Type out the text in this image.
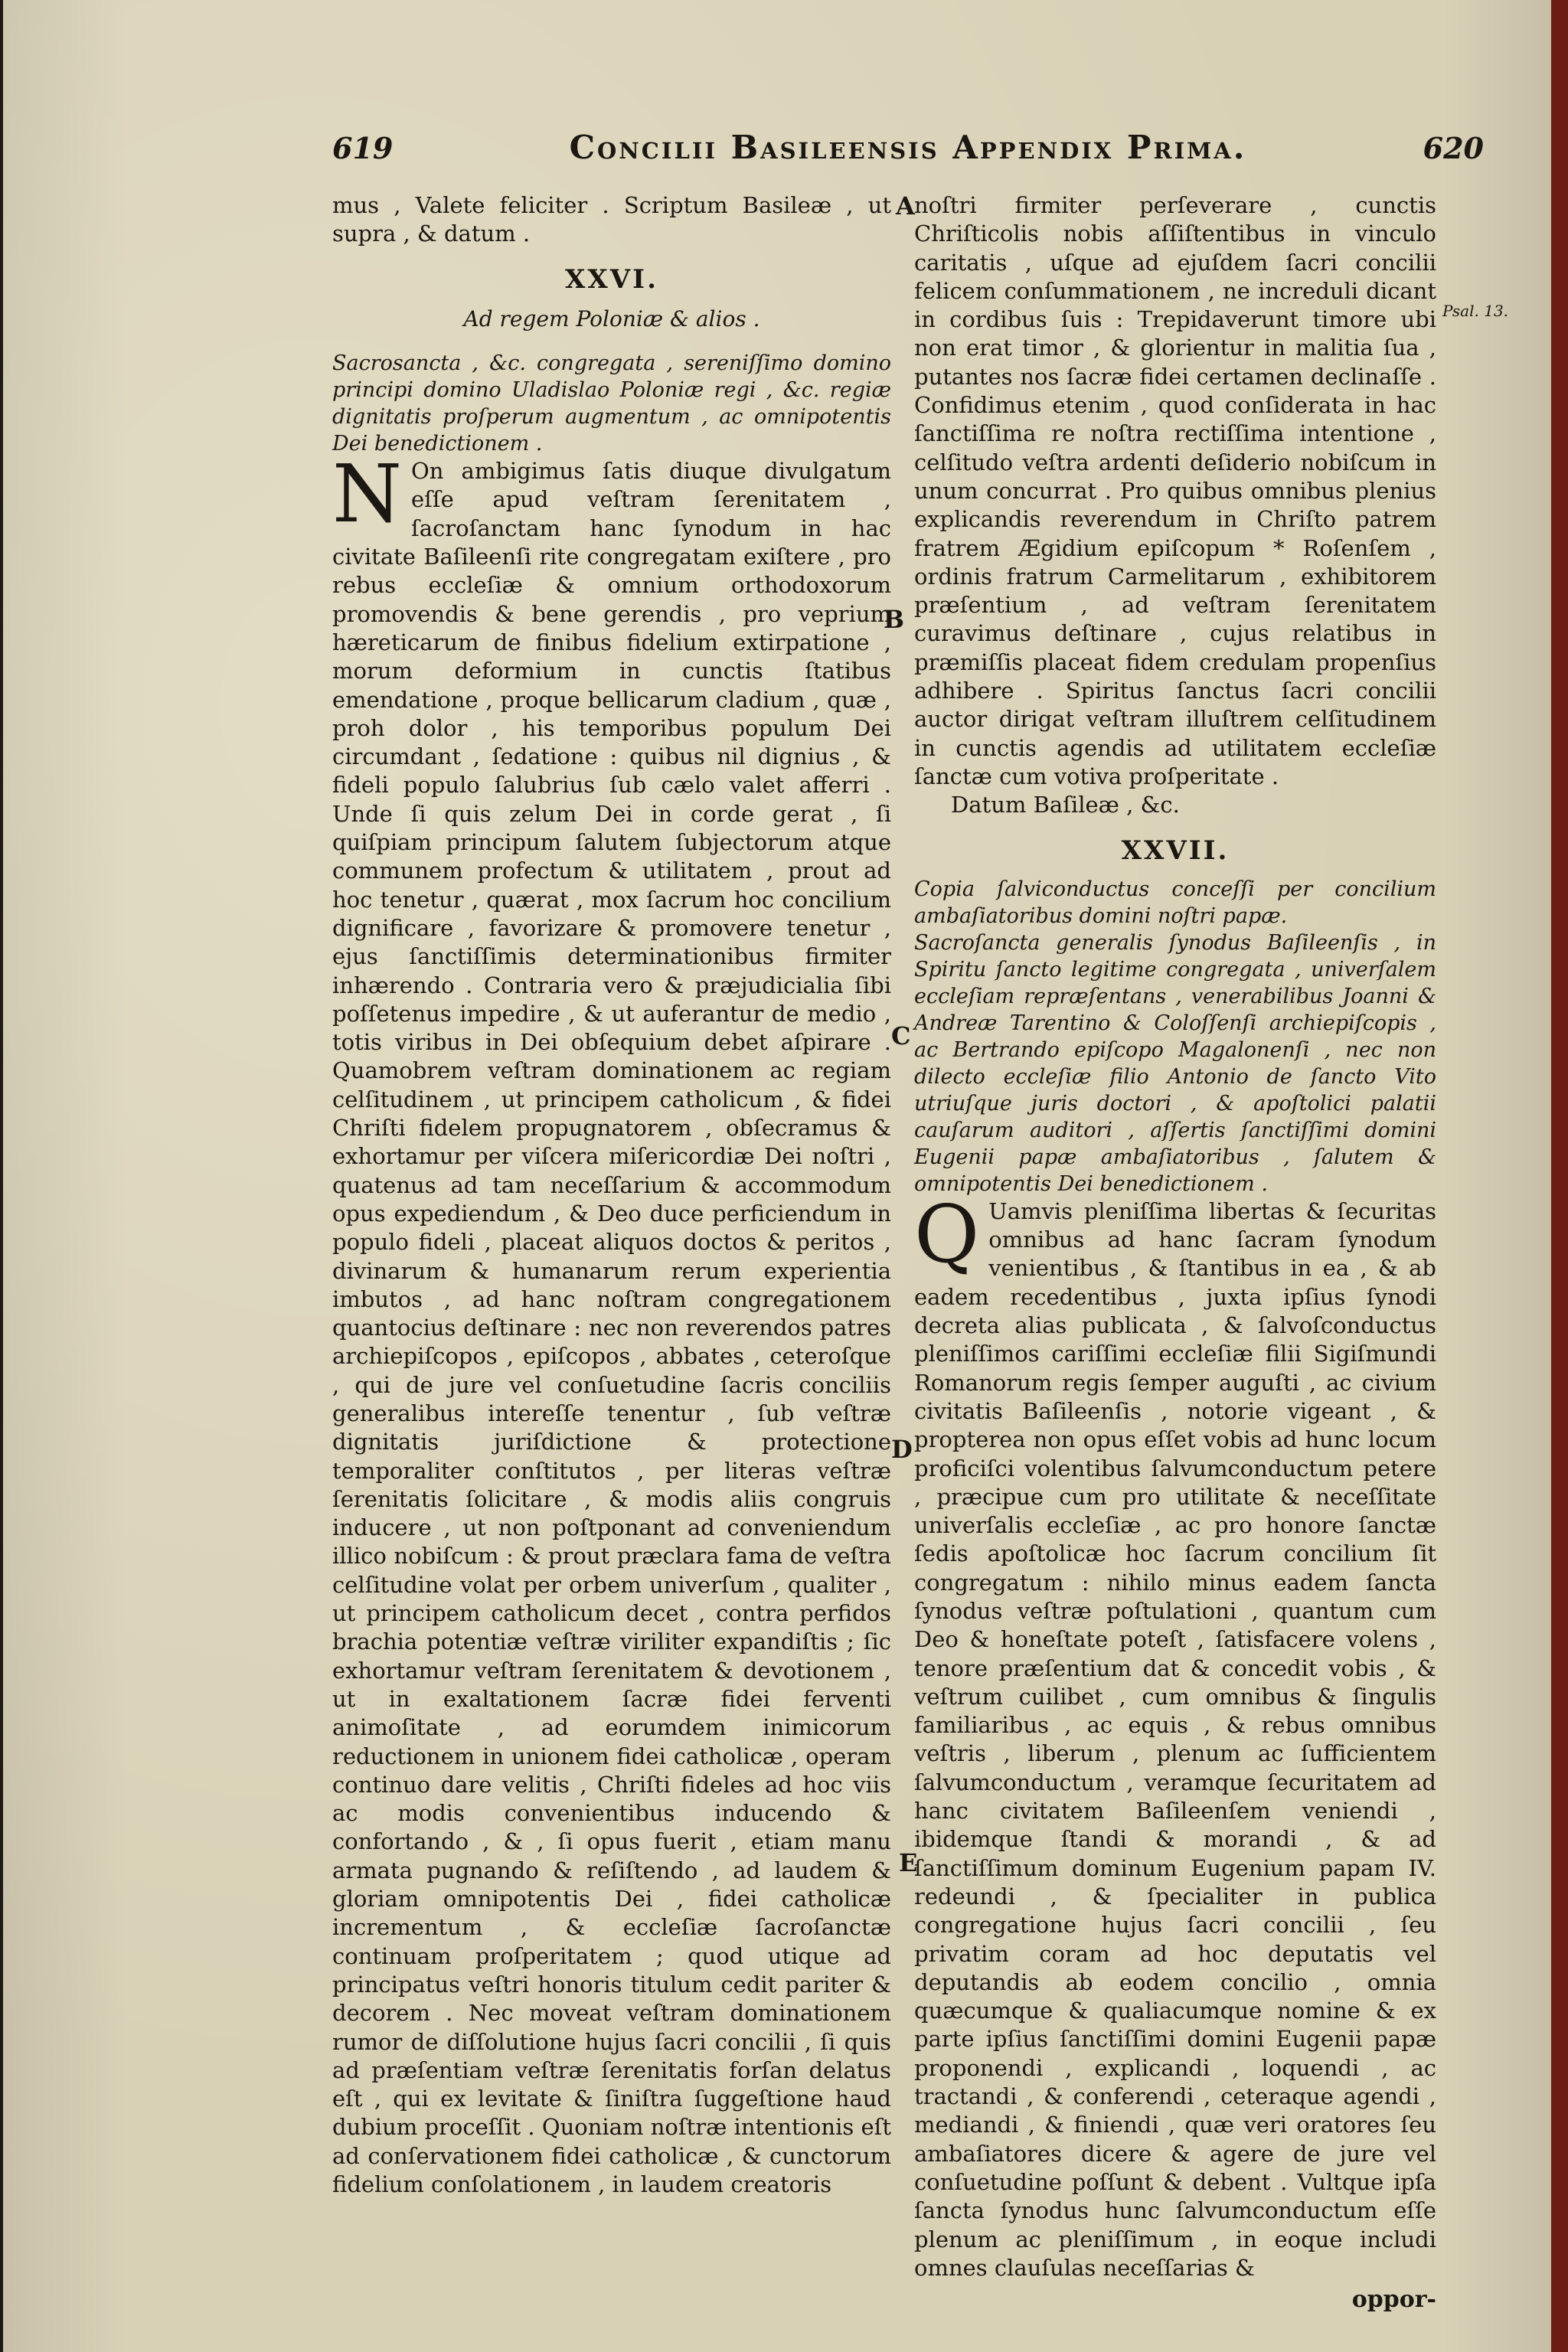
619	Concilii Basileensis Appendix Prima.	620
A
B
C
D
E
Psal. 13.

mus , Valete feliciter . Scriptum Basileæ , ut supra , & datum .

XXVI.
Ad regem Poloniæ & alios .

Sacrosancta , &c. congregata , sereniſſimo domino principi domino Uladislao Poloniæ regi , &c. regiæ dignitatis proſperum augmentum , ac omnipotentis Dei benedictionem .

N On ambigimus ſatis diuque divulgatum eſſe apud veſtram ſerenitatem , ſacroſanctam hanc ſynodum in hac civitate Baſileenſi rite congregatam exiſtere , pro rebus eccleſiæ & omnium orthodoxorum promovendis & bene gerendis , pro veprium hæreticarum de finibus fidelium extirpatione , morum deformium in cunctis ſtatibus emendatione , proque bellicarum cladium , quæ , proh dolor , his temporibus populum Dei circumdant , ſedatione : quibus nil dignius , & fideli populo ſalubrius ſub cælo valet afferri . Unde ſi quis zelum Dei in corde gerat , ſi quiſpiam principum ſalutem ſubjectorum atque communem profectum & utilitatem , prout ad hoc tenetur , quærat , mox ſacrum hoc concilium dignificare , favorizare & promovere tenetur , ejus ſanctiſſimis determinationibus firmiter inhærendo . Contraria vero & præjudicialia ſibi poſſetenus impedire , & ut auferantur de medio , totis viribus in Dei obſequium debet aſpirare . Quamobrem veſtram dominationem ac regiam celſitudinem , ut principem catholicum , & fidei Chriſti fidelem propugnatorem , obſecramus & exhortamur per viſcera miſericordiæ Dei noſtri , quatenus ad tam neceſſarium & accommodum opus expediendum , & Deo duce perficiendum in populo fideli , placeat aliquos doctos & peritos , divinarum & humanarum rerum experientia imbutos , ad hanc noſtram congregationem quantocius deſtinare : nec non reverendos patres archiepiſcopos , epiſcopos , abbates , ceteroſque , qui de jure vel conſuetudine ſacris conciliis generalibus intereſſe tenentur , ſub veſtræ dignitatis juriſdictione & protectione temporaliter conſtitutos , per literas veſtræ ſerenitatis ſolicitare , & modis aliis congruis inducere , ut non poſtponant ad conveniendum illico nobiſcum : & prout præclara fama de veſtra celſitudine volat per orbem univerſum , qualiter , ut principem catholicum decet , contra perfidos brachia potentiæ veſtræ viriliter expandiſtis ; ſic exhortamur veſtram ſerenitatem & devotionem , ut in exaltationem ſacræ fidei ferventi animoſitate , ad eorumdem inimicorum reductionem in unionem fidei catholicæ , operam continuo dare velitis , Chriſti fideles ad hoc viis ac modis convenientibus inducendo & confortando , & , ſi opus fuerit , etiam manu armata pugnando & reſiſtendo , ad laudem & gloriam omnipotentis Dei , fidei catholicæ incrementum , & eccleſiæ ſacroſanctæ continuam proſperitatem ; quod utique ad principatus veſtri honoris titulum cedit pariter & decorem . Nec moveat veſtram dominationem rumor de diſſolutione hujus ſacri concilii , ſi quis ad præſentiam veſtræ ſerenitatis forſan delatus eſt , qui ex levitate & ſiniſtra ſuggeſtione haud dubium proceſſit . Quoniam noſtræ intentionis eſt ad conſervationem fidei catholicæ , & cunctorum fidelium conſolationem , in laudem creatoris

noſtri firmiter perſeverare , cunctis Chriſticolis nobis aſſiſtentibus in vinculo caritatis , uſque ad ejuſdem ſacri concilii felicem conſummationem , ne increduli dicant in cordibus ſuis : Trepidaverunt timore ubi non erat timor , & glorientur in malitia ſua , putantes nos ſacræ fidei certamen declinaſſe . Confidimus etenim , quod conſiderata in hac ſanctiſſima re noſtra rectiſſima intentione , celſitudo veſtra ardenti deſiderio nobiſcum in unum concurrat . Pro quibus omnibus plenius explicandis reverendum in Chriſto patrem fratrem Ægidium epiſcopum * Roſenſem , ordinis fratrum Carmelitarum , exhibitorem præſentium , ad veſtram ſerenitatem curavimus deſtinare , cujus relatibus in præmiſſis placeat fidem credulam propenſius adhibere . Spiritus ſanctus ſacri concilii auctor dirigat veſtram illuſtrem celſitudinem in cunctis agendis ad utilitatem eccleſiæ ſanctæ cum votiva proſperitate .

Datum Baſileæ , &c.

XXVII.

Copia ſalviconductus conceſſi per concilium ambaſiatoribus domini noſtri papæ.

Sacroſancta generalis ſynodus Baſileenſis , in Spiritu ſancto legitime congregata , univerſalem eccleſiam repræſentans , venerabilibus Joanni & Andreæ Tarentino & Coloſſenſi archiepiſcopis , ac Bertrando epiſcopo Magalonenſi , nec non dilecto eccleſiæ filio Antonio de ſancto Vito utriuſque juris doctori , & apoſtolici palatii cauſarum auditori , aſſertis ſanctiſſimi domini Eugenii papæ ambaſiatoribus , ſalutem & omnipotentis Dei benedictionem .

Q Uamvis pleniſſima libertas & ſecuritas omnibus ad hanc ſacram ſynodum venientibus , & ſtantibus in ea , & ab eadem recedentibus , juxta ipſius ſynodi decreta alias publicata , & ſalvoſconductus pleniſſimos cariſſimi eccleſiæ filii Sigiſmundi Romanorum regis ſemper auguſti , ac civium civitatis Baſileenſis , notorie vigeant , & propterea non opus eſſet vobis ad hunc locum proficiſci volentibus ſalvumconductum petere , præcipue cum pro utilitate & neceſſitate univerſalis eccleſiæ , ac pro honore ſanctæ ſedis apoſtolicæ hoc ſacrum concilium ſit congregatum : nihilo minus eadem ſancta ſynodus veſtræ poſtulationi , quantum cum Deo & honeſtate poteſt , ſatisfacere volens , tenore præſentium dat & concedit vobis , & veſtrum cuilibet , cum omnibus & ſingulis familiaribus , ac equis , & rebus omnibus veſtris , liberum , plenum ac ſufficientem ſalvumconductum , veramque ſecuritatem ad hanc civitatem Baſileenſem veniendi , ibidemque ſtandi & morandi , & ad ſanctiſſimum dominum Eugenium papam IV. redeundi , & ſpecialiter in publica congregatione hujus ſacri concilii , ſeu privatim coram ad hoc deputatis vel deputandis ab eodem concilio , omnia quæcumque & qualiacumque nomine & ex parte ipſius ſanctiſſimi domini Eugenii papæ proponendi , explicandi , loquendi , ac tractandi , & conferendi , ceteraque agendi , mediandi , & finiendi , quæ veri oratores ſeu ambaſiatores dicere & agere de jure vel conſuetudine poſſunt & debent . Vultque ipſa ſancta ſynodus hunc ſalvumconductum eſſe plenum ac pleniſſimum , in eoque includi omnes clauſulas neceſſarias &

oppor-
